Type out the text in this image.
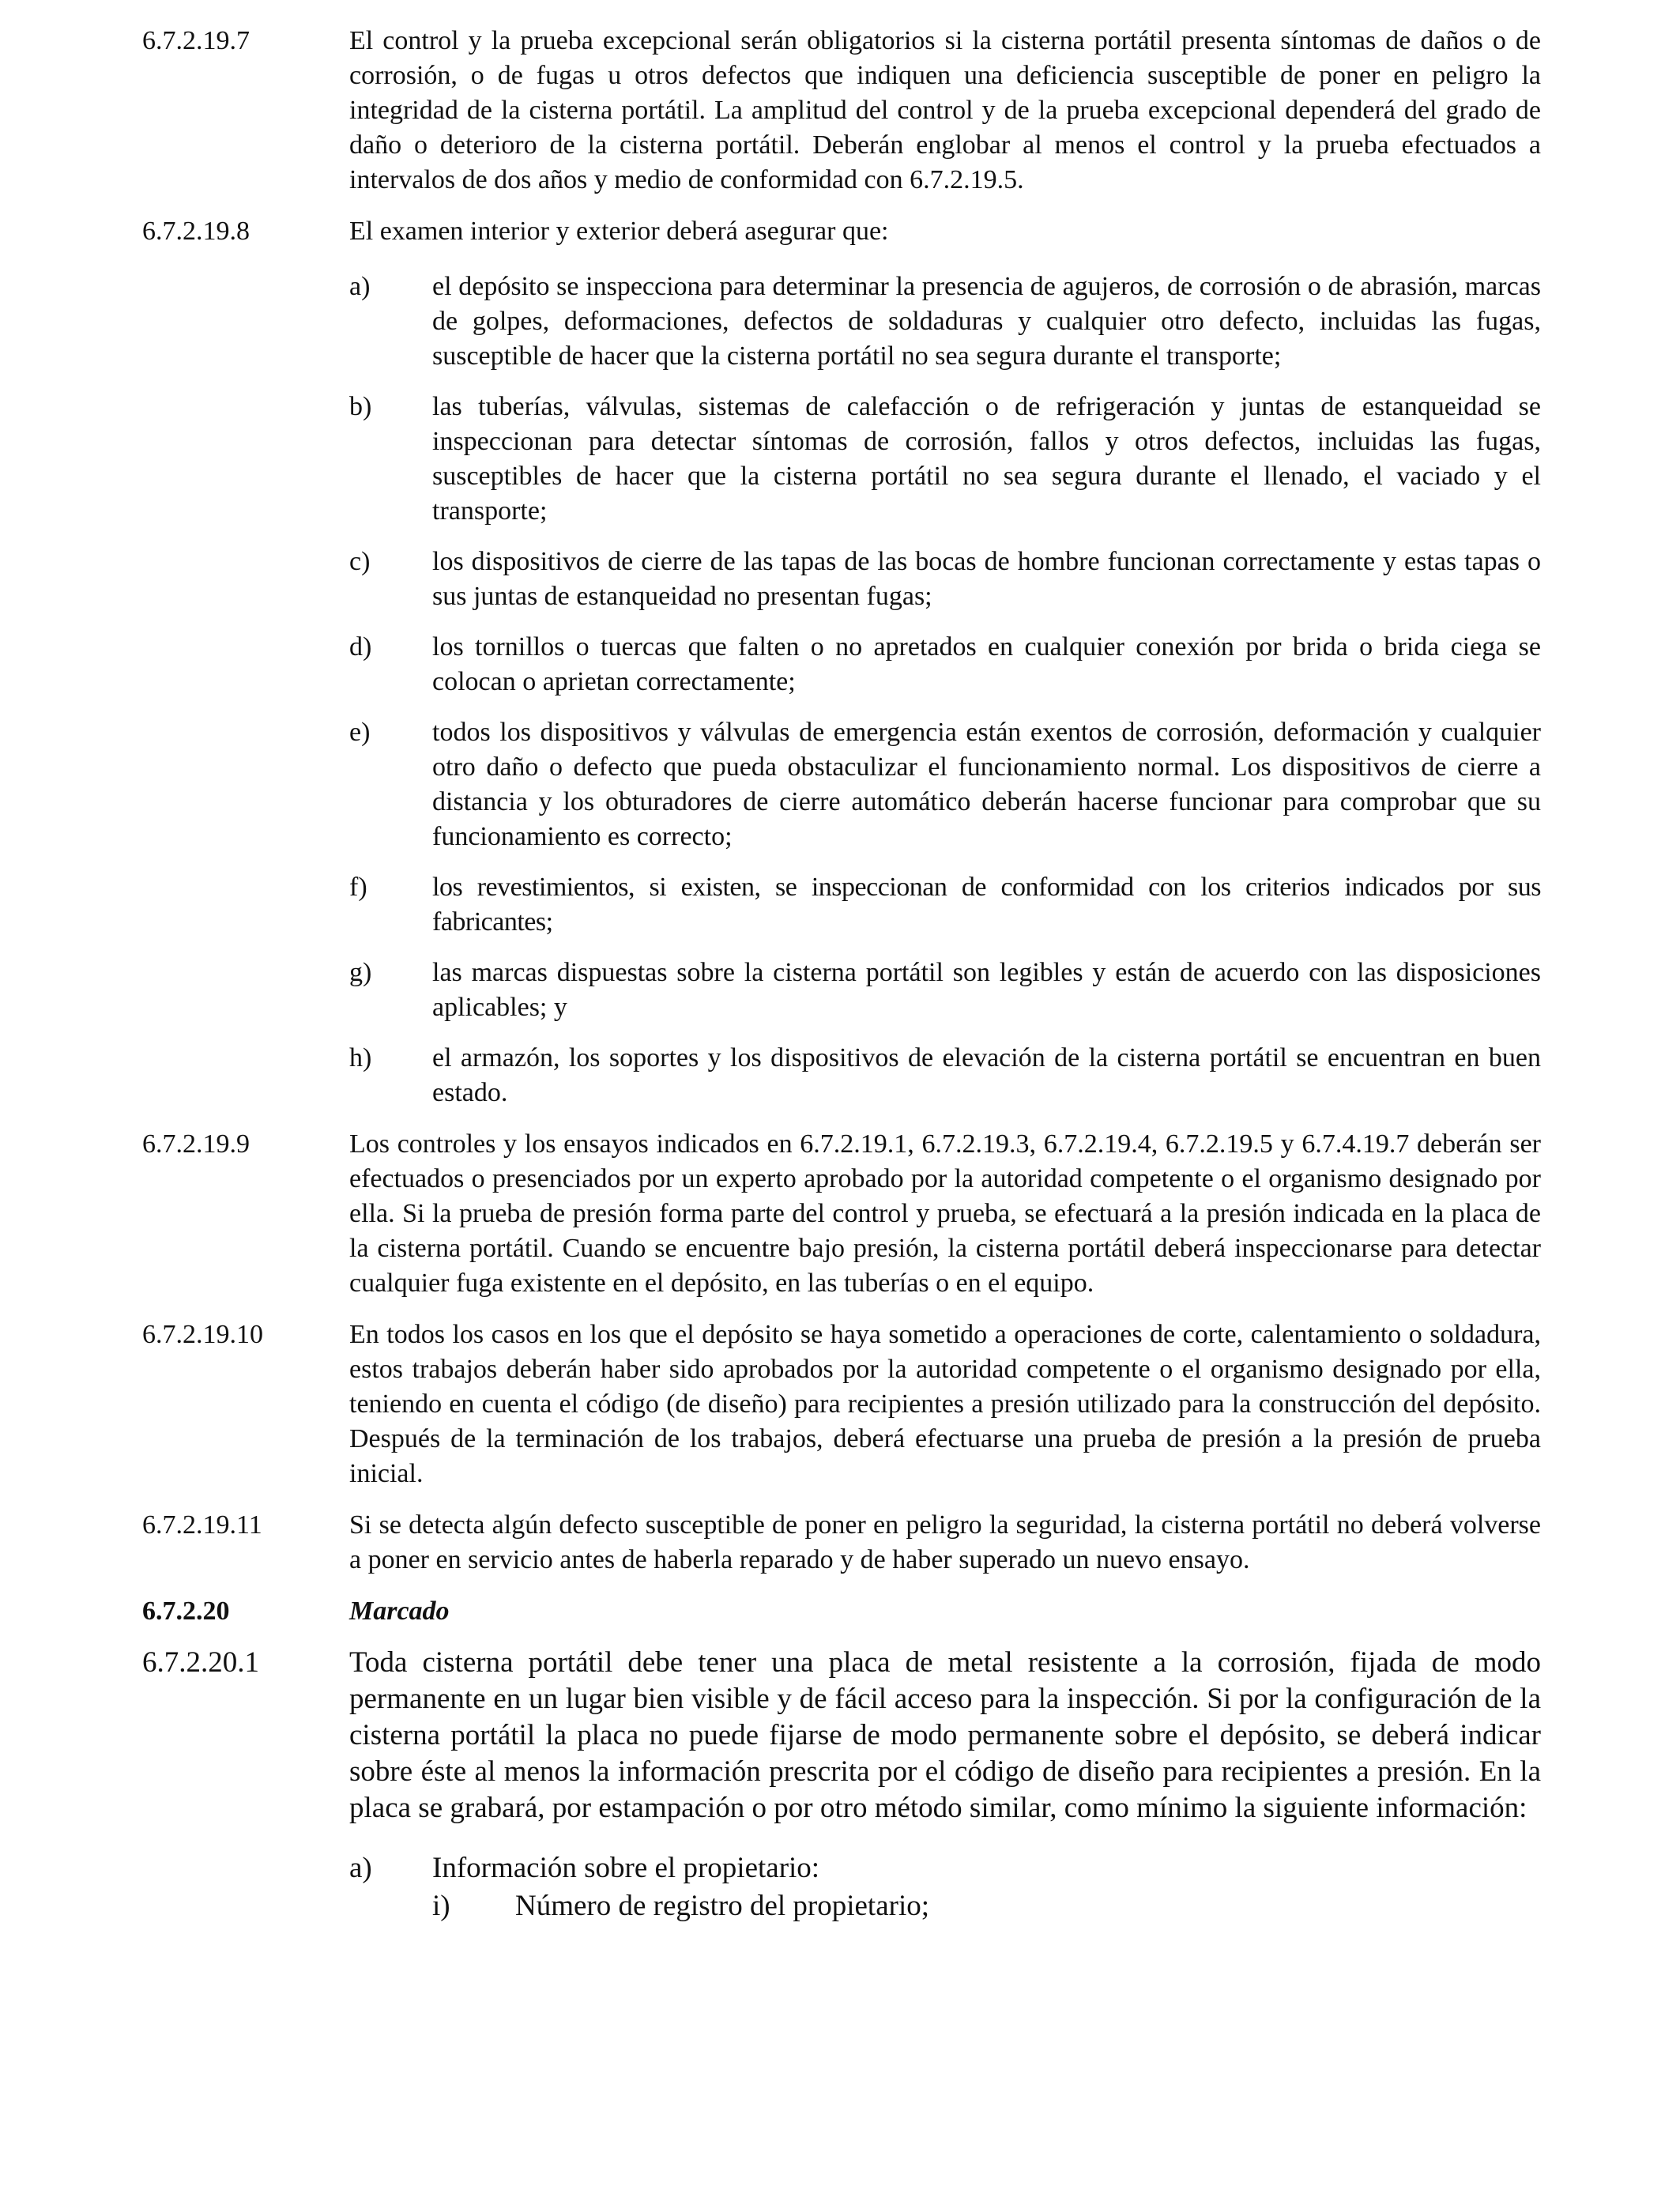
6.7.2.19.7	El control y la prueba excepcional serán obligatorios si la cisterna portátil presenta síntomas de daños o de corrosión, o de fugas u otros defectos que indiquen una deficiencia susceptible de poner en peligro la integridad de la cisterna portátil. La amplitud del control y de la prueba excepcional dependerá del grado de daño o deterioro de la cisterna portátil. Deberán englobar al menos el control y la prueba efectuados a intervalos de dos años y medio de conformidad con 6.7.2.19.5.

6.7.2.19.8	El examen interior y exterior deberá asegurar que:

a)	el depósito se inspecciona para determinar la presencia de agujeros, de corrosión o de abrasión, marcas de golpes, deformaciones, defectos de soldaduras y cualquier otro defecto, incluidas las fugas, susceptible de hacer que la cisterna portátil no sea segura durante el transporte;
b)	las tuberías, válvulas, sistemas de calefacción o de refrigeración y juntas de estanqueidad se inspeccionan para detectar síntomas de corrosión, fallos y otros defectos, incluidas las fugas, susceptibles de hacer que la cisterna portátil no sea segura durante el llenado, el vaciado y el transporte;
c)	los dispositivos de cierre de las tapas de las bocas de hombre funcionan correctamente y estas tapas o sus juntas de estanqueidad no presentan fugas;
d)	los tornillos o tuercas que falten o no apretados en cualquier conexión por brida o brida ciega se colocan o aprietan correctamente;
e)	todos los dispositivos y válvulas de emergencia están exentos de corrosión, deformación y cualquier otro daño o defecto que pueda obstaculizar el funcionamiento normal. Los dispositivos de cierre a distancia y los obturadores de cierre automático deberán hacerse funcionar para comprobar que su funcionamiento es correcto;
f)	los revestimientos, si existen, se inspeccionan de conformidad con los criterios indicados por sus fabricantes;
g)	las marcas dispuestas sobre la cisterna portátil son legibles y están de acuerdo con las disposiciones aplicables; y
h)	el armazón, los soportes y los dispositivos de elevación de la cisterna portátil se encuentran en buen estado.
6.7.2.19.9	Los controles y los ensayos indicados en 6.7.2.19.1, 6.7.2.19.3, 6.7.2.19.4, 6.7.2.19.5 y 6.7.4.19.7 deberán ser efectuados o presenciados por un experto aprobado por la autoridad competente o el organismo designado por ella. Si la prueba de presión forma parte del control y prueba, se efectuará a la presión indicada en la placa de la cisterna portátil. Cuando se encuentre bajo presión, la cisterna portátil deberá inspeccionarse para detectar cualquier fuga existente en el depósito, en las tuberías o en el equipo.

6.7.2.19.10	En todos los casos en los que el depósito se haya sometido a operaciones de corte, calentamiento o soldadura, estos trabajos deberán haber sido aprobados por la autoridad competente o el organismo designado por ella, teniendo en cuenta el código (de diseño) para recipientes a presión utilizado para la construcción del depósito. Después de la terminación de los trabajos, deberá efectuarse una prueba de presión a la presión de prueba inicial.

6.7.2.19.11	Si se detecta algún defecto susceptible de poner en peligro la seguridad, la cisterna portátil no deberá volverse a poner en servicio antes de haberla reparado y de haber superado un nuevo ensayo.

6.7.2.20	Marcado
6.7.2.20.1	Toda cisterna portátil debe tener una placa de metal resistente a la corrosión, fijada de modo permanente en un lugar bien visible y de fácil acceso para la inspección. Si por la configuración de la cisterna portátil la placa no puede fijarse de modo permanente sobre el depósito, se deberá indicar sobre éste al menos la información prescrita por el código de diseño para recipientes a presión. En la placa se grabará, por estampación o por otro método similar, como mínimo la siguiente información:

a)	Información sobre el propietario:
i)	Número de registro del propietario;
